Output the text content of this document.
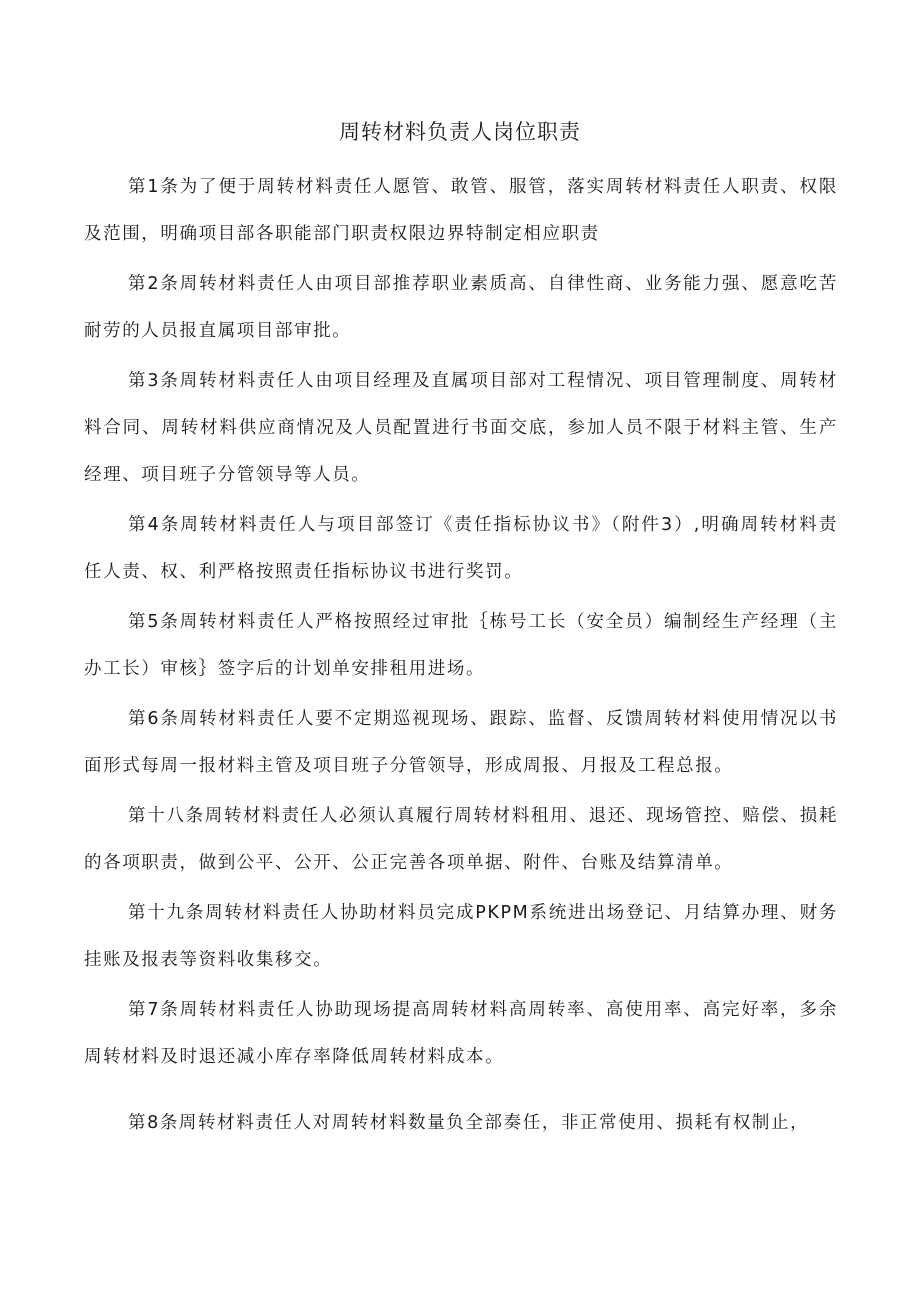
周转材料负责人岗位职责

第1条为了便于周转材料责任人愿管、敢管、服管，落实周转材料责任人职责、权限及范围，明确项目部各职能部门职责权限边界特制定相应职责

第2条周转材料责任人由项目部推荐职业素质高、自律性商、业务能力强、愿意吃苦耐劳的人员报直属项目部审批。

第3条周转材料责任人由项目经理及直属项目部对工程情况、项目管理制度、周转材料合同、周转材料供应商情况及人员配置进行书面交底，参加人员不限于材料主管、生产经理、项目班子分管领导等人员。

第4条周转材料责任人与项目部签订《责任指标协议书》（附件3）,明确周转材料责任人责、权、利严格按照责任指标协议书进行奖罚。

第5条周转材料责任人严格按照经过审批｛栋号工长（安全员）编制经生产经理（主办工长）审核｝签字后的计划单安排租用进场。

第6条周转材料责任人要不定期巡视现场、跟踪、监督、反馈周转材料使用情况以书面形式每周一报材料主管及项目班子分管领导，形成周报、月报及工程总报。

第十八条周转材料责任人必须认真履行周转材料租用、退还、现场管控、赔偿、损耗的各项职责，做到公平、公开、公正完善各项单据、附件、台账及结算清单。

第十九条周转材料责任人协助材料员完成PKPM系统进出场登记、月结算办理、财务挂账及报表等资料收集移交。

第7条周转材料责任人协助现场提高周转材料高周转率、高使用率、高完好率，多余周转材料及时退还减小库存率降低周转材料成本。

第8条周转材料责任人对周转材料数量负全部奏任，非正常使用、损耗有权制止，
